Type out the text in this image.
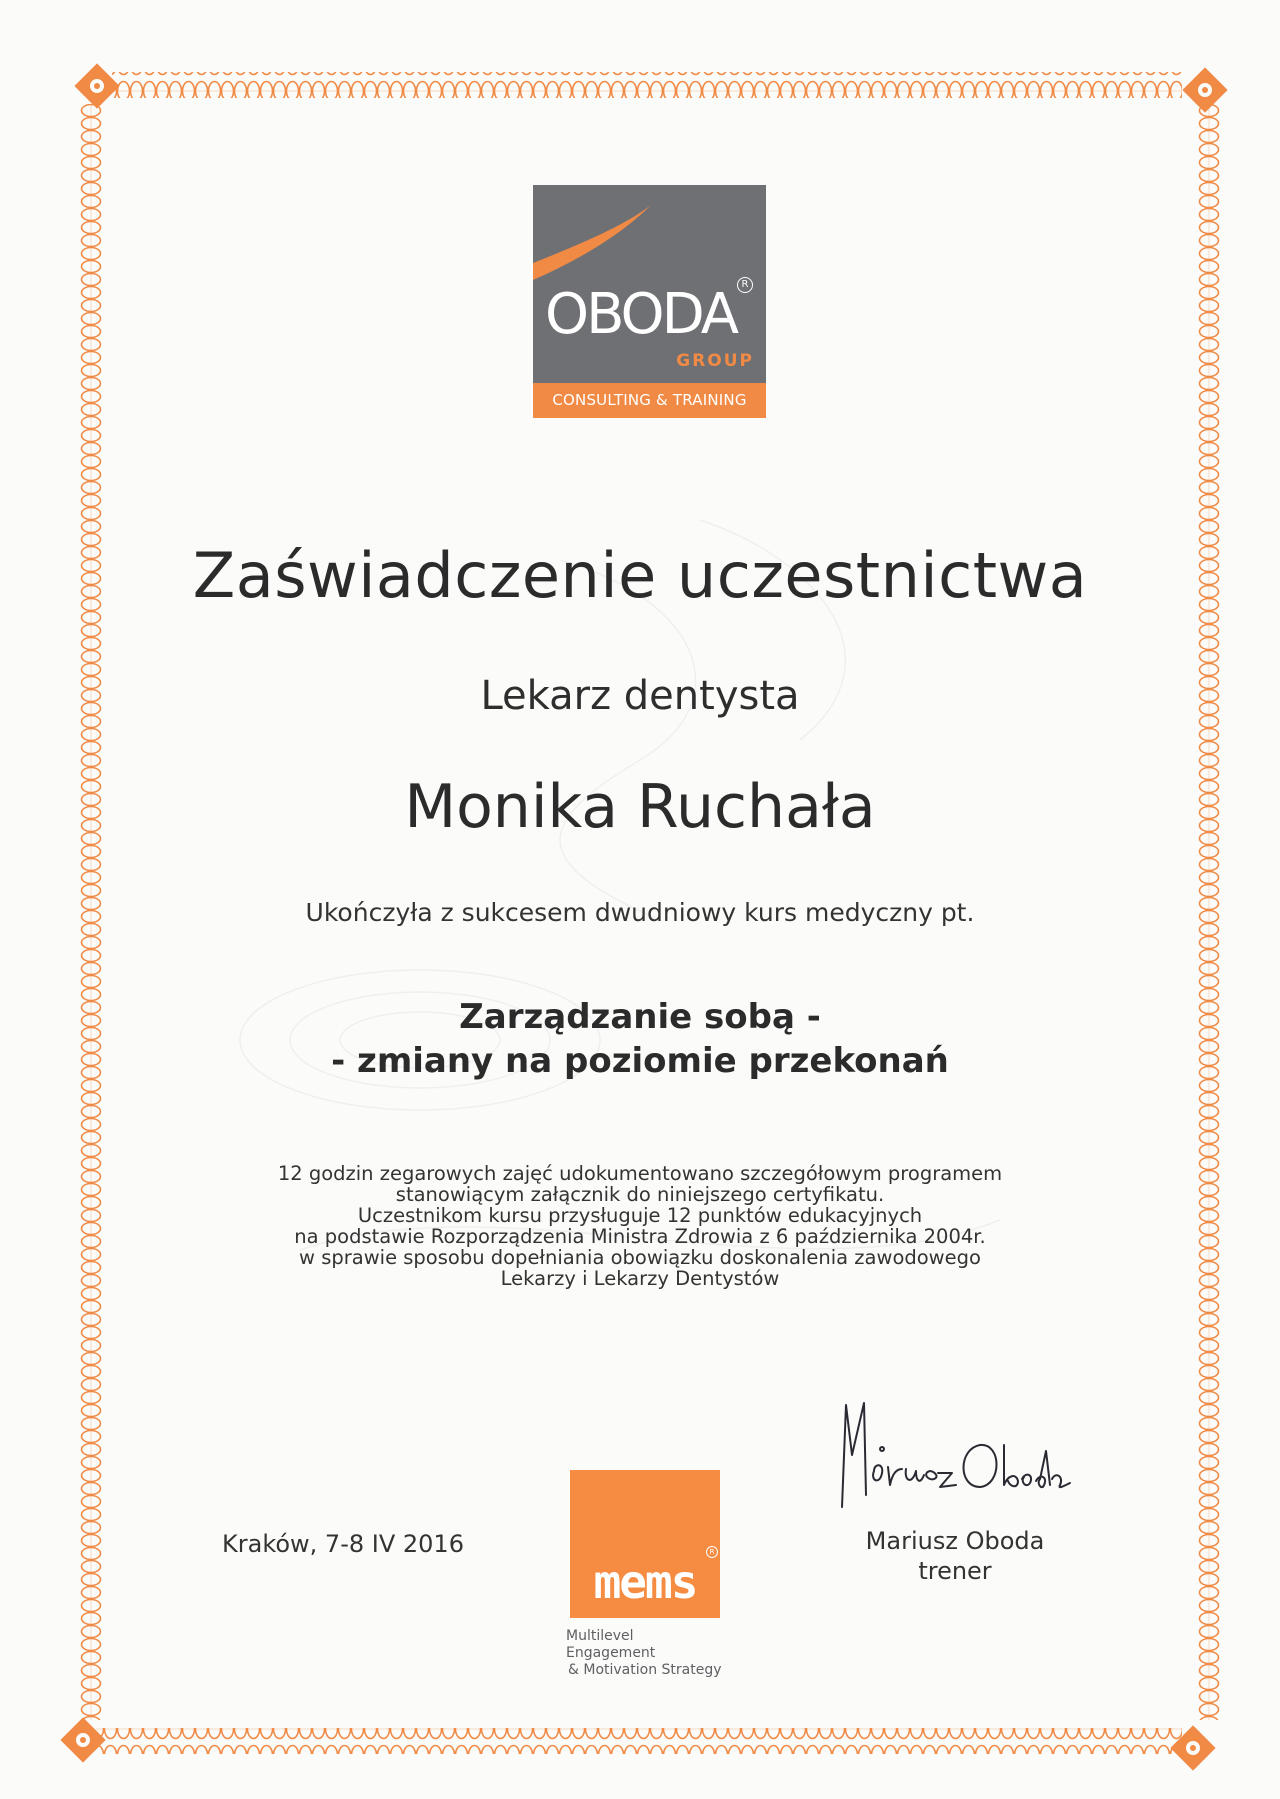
OBODA R
GROUP
CONSULTING & TRAINING
Zaświadczenie uczestnictwa
Lekarz dentysta
Monika Ruchała
Ukończyła z sukcesem dwudniowy kurs medyczny pt.
Zarządzanie sobą -
- zmiany na poziomie przekonań
12 godzin zegarowych zajęć udokumentowano szczegółowym programem
stanowiącym załącznik do niniejszego certyfikatu.
Uczestnikom kursu przysługuje 12 punktów edukacyjnych
na podstawie Rozporządzenia Ministra Zdrowia z 6 października 2004r.
w sprawie sposobu dopełniania obowiązku doskonalenia zawodowego
Lekarzy i Lekarzy Dentystów
Kraków, 7-8 IV 2016
mems
R
Multilevel Engagement
& Motivation Strategy
Mariusz Oboda
trener
